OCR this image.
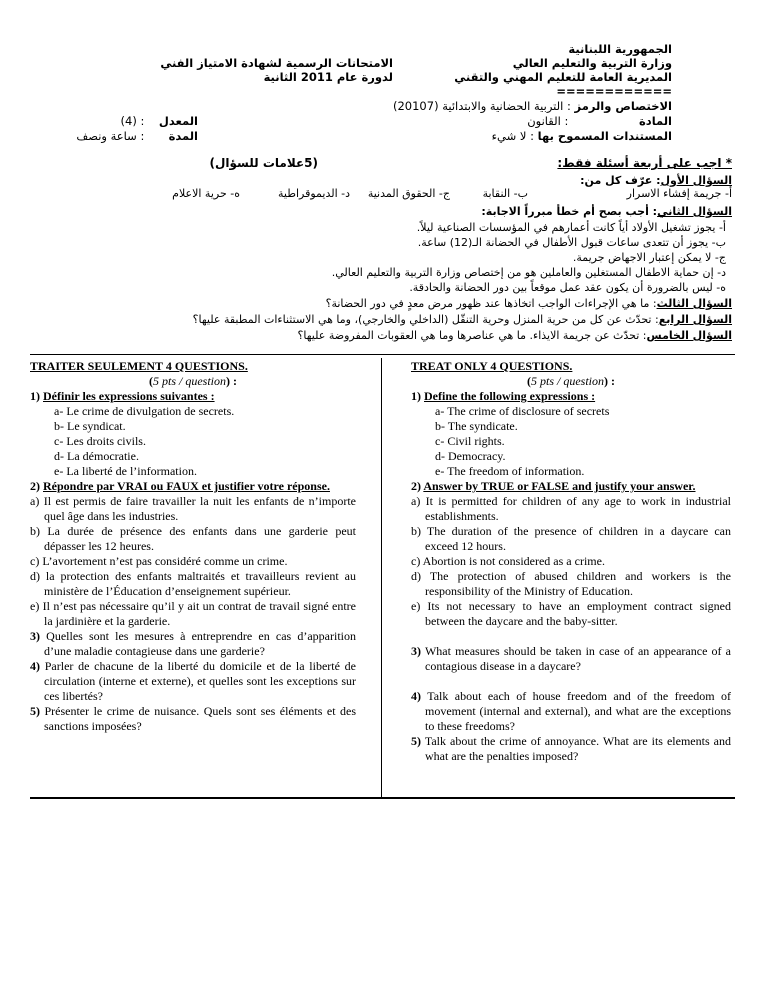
الجمهورية اللبنانية
وزارة التربية والتعليم العالي
المديرية العامة للتعليم المهني والتقني
============
الامتحانات الرسمية لشهادة الامتياز الفني
لدورة عام 2011 الثانية
الاختصاص والرمز : التربية الحضانية والابتدائية (20107)
المادة : القانون
المستندات المسموح بها : لا شيء
المعدل : (4)
المدة : ساعة ونصف
* اجب على أربعة أسئلة فقط:
(5علامات للسؤال)
السؤال الأول: عرّف كل من:
أ- جريمة إفشاء الاسرار
ب- النقابة
ج- الحقوق المدنية
د- الديموقراطية
ه- حرية الاعلام
السؤال الثاني: أجب بصح أم خطأ مبرراً الاجابة:
أ- يجوز تشغيل الأولاد أياً كانت أعمارهم في المؤسسات الصناعية ليلاً.
ب- يجوز أن تتعدى ساعات قبول الأطفال في الحضانة الـ(12) ساعة.
ج- لا يمكن إعتبار الاجهاض جريمة.
د- إن حماية الاطفال المستغلين والعاملين هو من إختصاص وزارة التربية والتعليم العالي.
ه- ليس بالضرورة أن يكون عقد عمل موقعاً بين دور الحضانة والحادقة.
السؤال الثالث: ما هي الإجراءات الواجب اتخاذها عند ظهور مرض معدٍ في دور الحضانة؟
السؤال الرابع: تحدّث عن كل من حرية المنزل وحرية التنقّل (الداخلي والخارجي)، وما هي الاستثناءات المطبقة عليها؟
السؤال الخامس: تحدّث عن جريمة الايذاء. ما هي عناصرها وما هي العقوبات المفروضة عليها؟
TRAITER SEULEMENT 4 QUESTIONS.
(5 pts / question) :
1) Définir les expressions suivantes :
a- Le crime de divulgation de secrets.
b- Le syndicat.
c- Les droits civils.
d- La démocratie.
e- La liberté de l’information.
2) Répondre par VRAI ou FAUX et justifier votre réponse.
a) Il est permis de faire travailler la nuit les enfants de n’importe quel âge dans les industries.
b) La durée de présence des enfants dans une garderie peut dépasser les 12 heures.
c) L’avortement n’est pas considéré comme un crime.
d) la protection des enfants maltraités et travailleurs revient au ministère de l’Éducation d’enseignement supérieur.
e) Il n’est pas nécessaire qu’il y ait un contrat de travail signé entre la jardinière et la garderie.
3) Quelles sont les mesures à entreprendre en cas d’apparition d’une maladie contagieuse dans une garderie?
4) Parler de chacune de la liberté du domicile et de la liberté de circulation (interne et externe), et quelles sont les exceptions sur ces libertés?
5) Présenter le crime de nuisance. Quels sont ses éléments et des sanctions imposées?
TREAT ONLY 4 QUESTIONS.
(5 pts / question) :
1) Define the following expressions :
a- The crime of disclosure of secrets
b- The syndicate.
c- Civil rights.
d- Democracy.
e- The freedom of information.
2) Answer by TRUE or FALSE and justify your answer.
a) It is permitted for children of any age to work in industrial establishments.
b) The duration of the presence of children in a daycare can exceed 12 hours.
c) Abortion is not considered as a crime.
d) The protection of abused children and workers is the responsibility of the Ministry of Education.
e) Its not necessary to have an employment contract signed between the daycare and the baby-sitter.
3) What measures should be taken in case of an appearance of a contagious disease in a daycare?
4) Talk about each of house freedom and of the freedom of movement (internal and external), and what are the exceptions to these freedoms?
5) Talk about the crime of annoyance. What are its elements and what are the penalties imposed?
